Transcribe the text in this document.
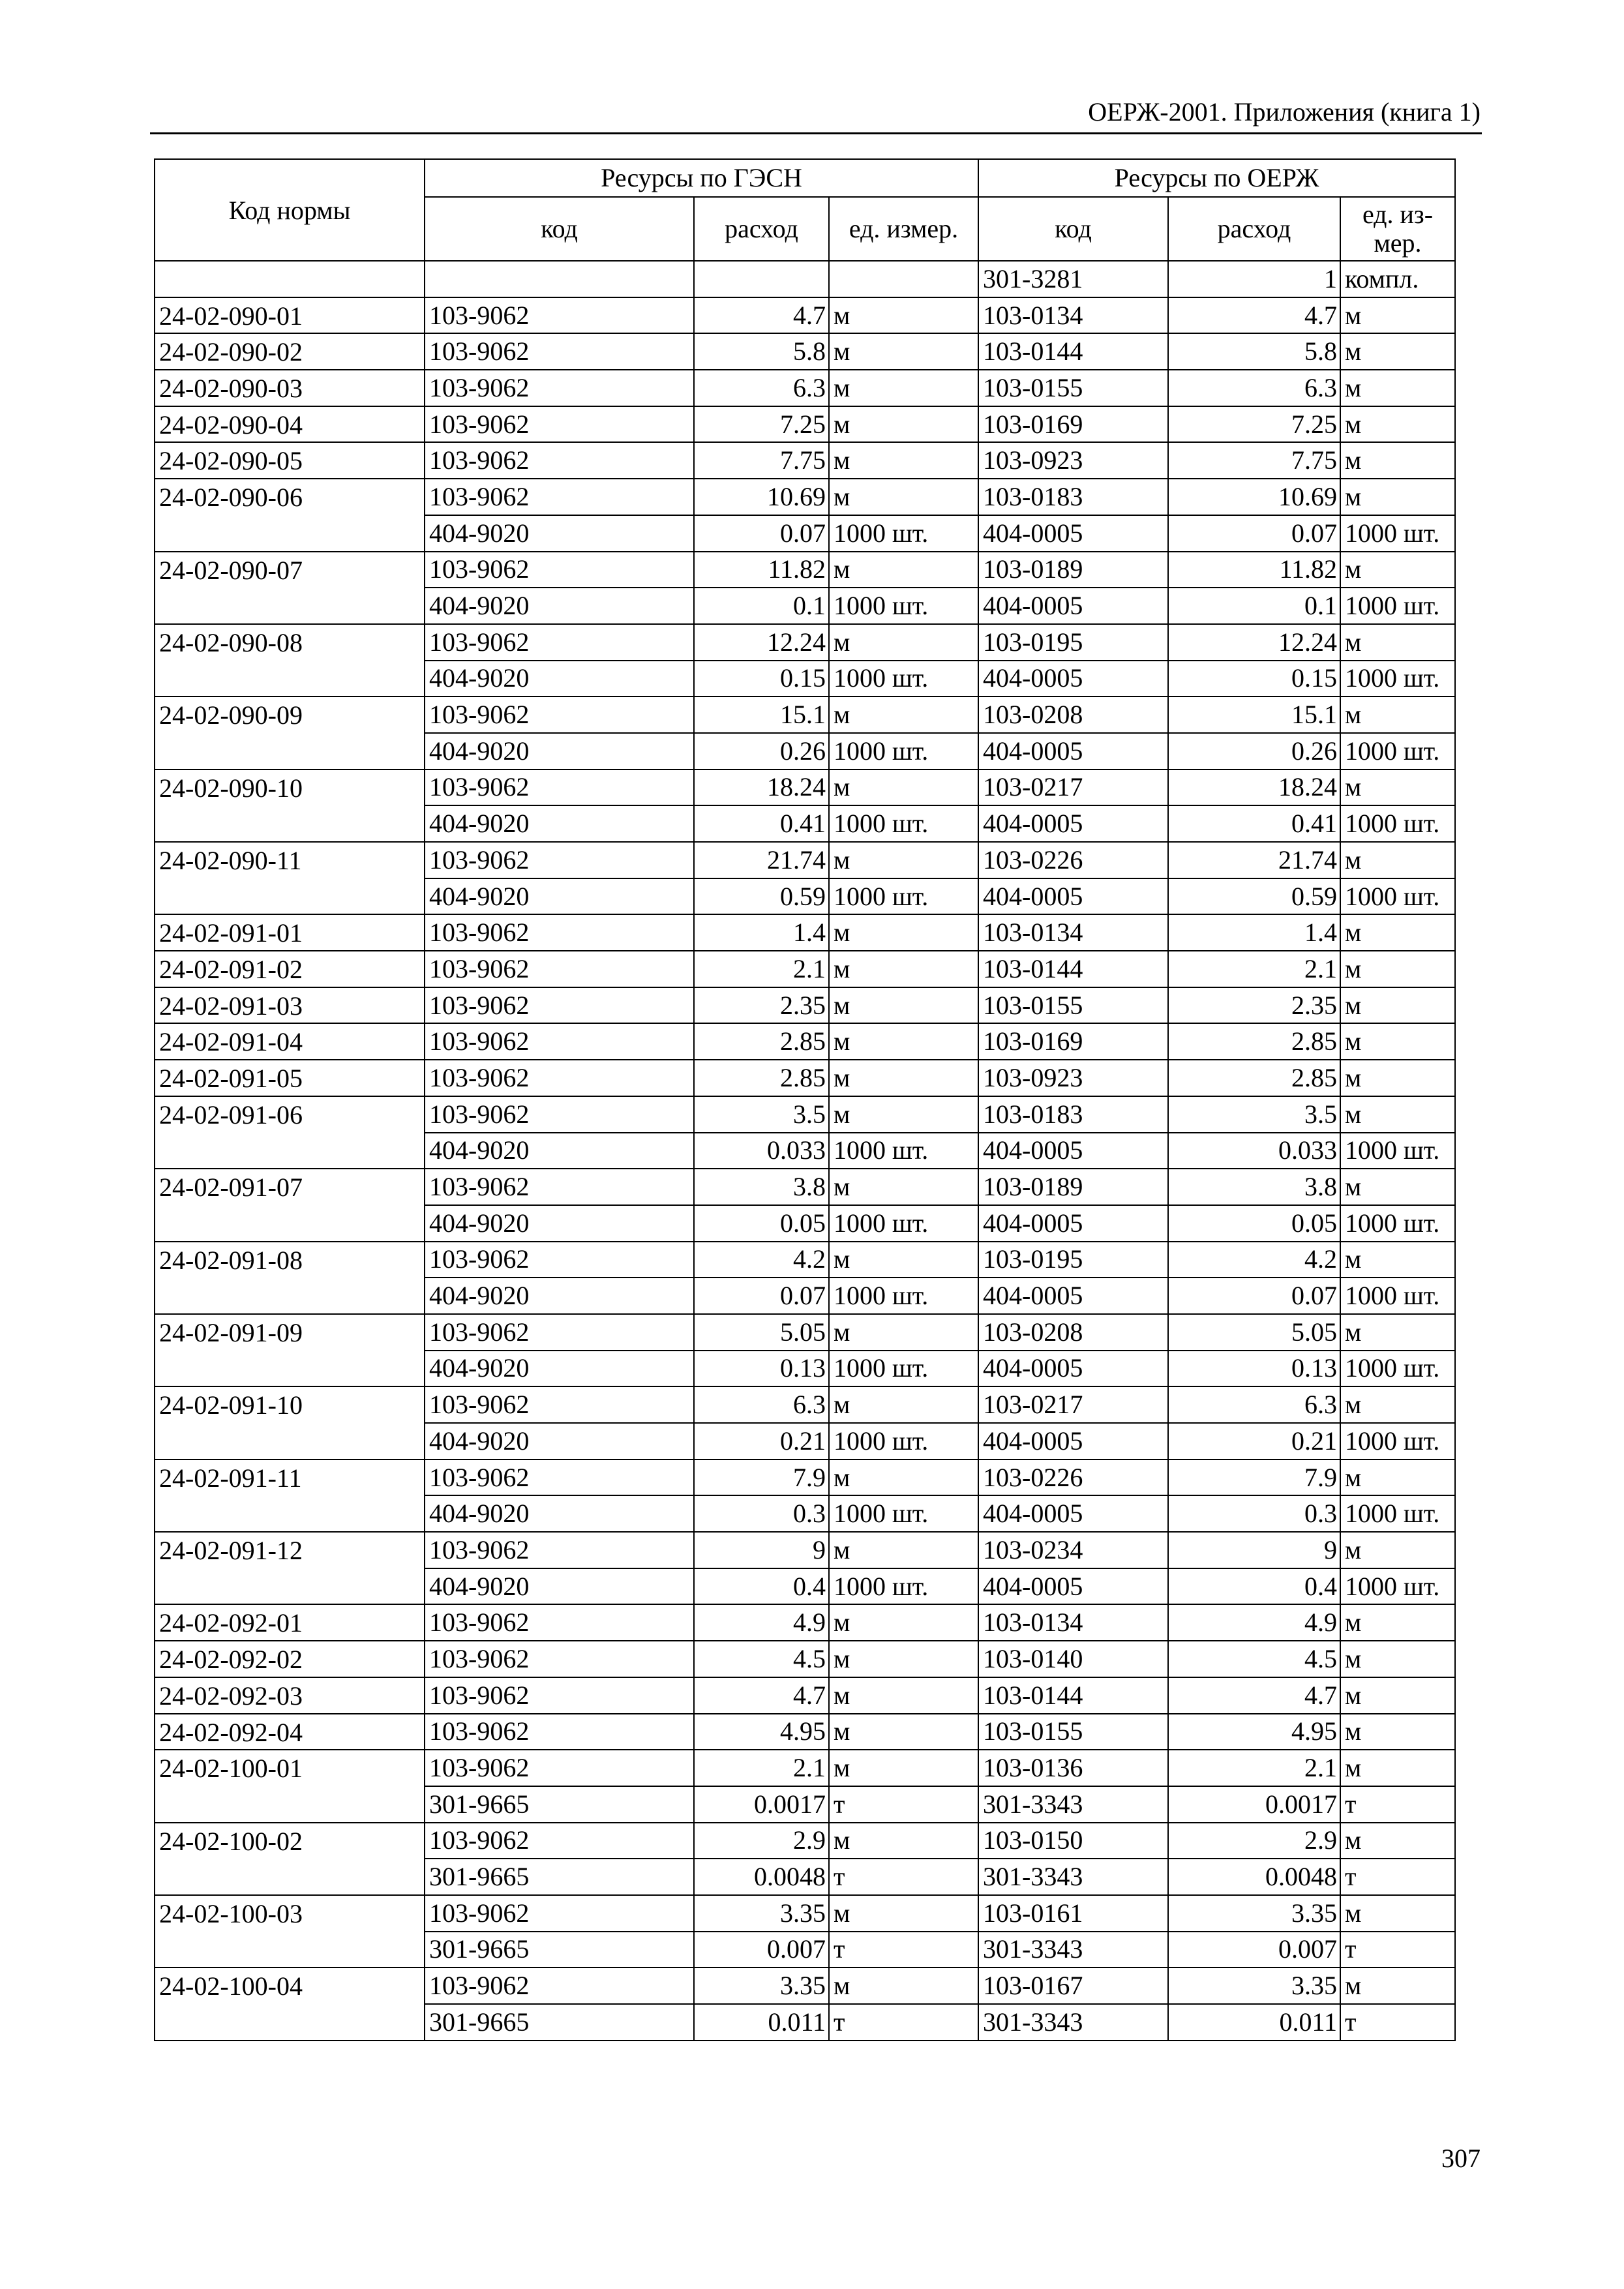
ОЕРЖ-2001. Приложения (книга 1)
Код нормы	Ресурсы по ГЭСН			Ресурсы по ОЕРЖ		
	код	расход	ед. измер.	код	расход	ед. из-мер.
				301-3281	1	компл.
24-02-090-01	103-9062	4.7	м	103-0134	4.7	м
24-02-090-02	103-9062	5.8	м	103-0144	5.8	м
24-02-090-03	103-9062	6.3	м	103-0155	6.3	м
24-02-090-04	103-9062	7.25	м	103-0169	7.25	м
24-02-090-05	103-9062	7.75	м	103-0923	7.75	м
24-02-090-06	103-9062	10.69	м	103-0183	10.69	м
	404-9020	0.07	1000 шт.	404-0005	0.07	1000 шт.
24-02-090-07	103-9062	11.82	м	103-0189	11.82	м
	404-9020	0.1	1000 шт.	404-0005	0.1	1000 шт.
24-02-090-08	103-9062	12.24	м	103-0195	12.24	м
	404-9020	0.15	1000 шт.	404-0005	0.15	1000 шт.
24-02-090-09	103-9062	15.1	м	103-0208	15.1	м
	404-9020	0.26	1000 шт.	404-0005	0.26	1000 шт.
24-02-090-10	103-9062	18.24	м	103-0217	18.24	м
	404-9020	0.41	1000 шт.	404-0005	0.41	1000 шт.
24-02-090-11	103-9062	21.74	м	103-0226	21.74	м
	404-9020	0.59	1000 шт.	404-0005	0.59	1000 шт.
24-02-091-01	103-9062	1.4	м	103-0134	1.4	м
24-02-091-02	103-9062	2.1	м	103-0144	2.1	м
24-02-091-03	103-9062	2.35	м	103-0155	2.35	м
24-02-091-04	103-9062	2.85	м	103-0169	2.85	м
24-02-091-05	103-9062	2.85	м	103-0923	2.85	м
24-02-091-06	103-9062	3.5	м	103-0183	3.5	м
	404-9020	0.033	1000 шт.	404-0005	0.033	1000 шт.
24-02-091-07	103-9062	3.8	м	103-0189	3.8	м
	404-9020	0.05	1000 шт.	404-0005	0.05	1000 шт.
24-02-091-08	103-9062	4.2	м	103-0195	4.2	м
	404-9020	0.07	1000 шт.	404-0005	0.07	1000 шт.
24-02-091-09	103-9062	5.05	м	103-0208	5.05	м
	404-9020	0.13	1000 шт.	404-0005	0.13	1000 шт.
24-02-091-10	103-9062	6.3	м	103-0217	6.3	м
	404-9020	0.21	1000 шт.	404-0005	0.21	1000 шт.
24-02-091-11	103-9062	7.9	м	103-0226	7.9	м
	404-9020	0.3	1000 шт.	404-0005	0.3	1000 шт.
24-02-091-12	103-9062	9	м	103-0234	9	м
	404-9020	0.4	1000 шт.	404-0005	0.4	1000 шт.
24-02-092-01	103-9062	4.9	м	103-0134	4.9	м
24-02-092-02	103-9062	4.5	м	103-0140	4.5	м
24-02-092-03	103-9062	4.7	м	103-0144	4.7	м
24-02-092-04	103-9062	4.95	м	103-0155	4.95	м
24-02-100-01	103-9062	2.1	м	103-0136	2.1	м
	301-9665	0.0017	т	301-3343	0.0017	т
24-02-100-02	103-9062	2.9	м	103-0150	2.9	м
	301-9665	0.0048	т	301-3343	0.0048	т
24-02-100-03	103-9062	3.35	м	103-0161	3.35	м
	301-9665	0.007	т	301-3343	0.007	т
24-02-100-04	103-9062	3.35	м	103-0167	3.35	м
	301-9665	0.011	т	301-3343	0.011	т
307
